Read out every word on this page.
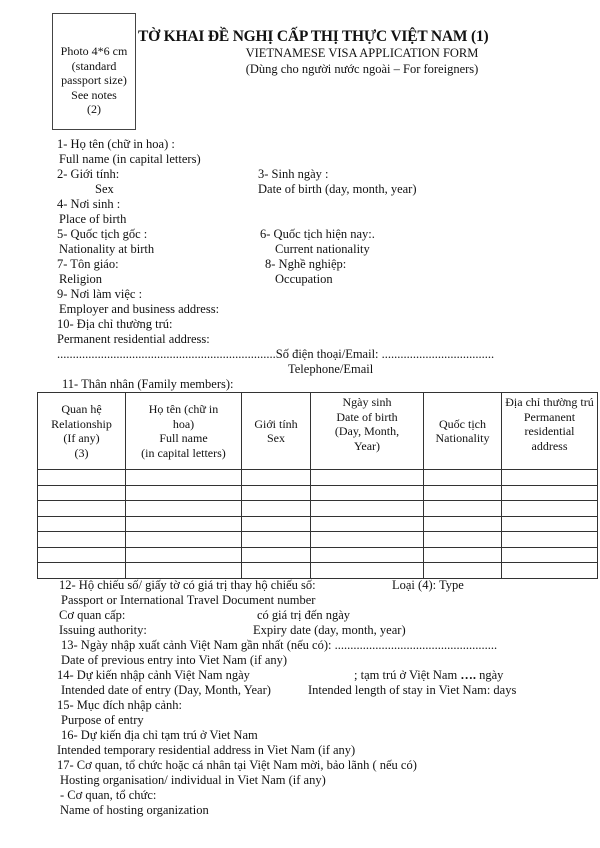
Photo 4*6 cm
(standard
passport size)
See notes
(2)
TỜ KHAI ĐỀ NGHỊ CẤP THỊ THỰC VIỆT NAM (1)
VIETNAMESE VISA APPLICATION FORM
(Dùng cho người nước ngoài – For foreigners)
1- Họ tên (chữ in hoa) :
Full name (in capital letters)
2- Giới tính:
Sex
3- Sinh ngày :
Date of birth (day, month, year)
4- Nơi sinh :
Place of birth
5- Quốc tịch gốc :
Nationality at birth
6- Quốc tịch hiện nay:.
Current nationality
7- Tôn giáo:
Religion
8- Nghề nghiệp:
Occupation
9- Nơi làm việc :
Employer and business address:
10- Địa chỉ thường trú:
Permanent residential address:
......................................................................Số điện thoại/Email: ....................................
Telephone/Email
11- Thân nhân (Family members):
Quan hệ
Relationship
(If any)
(3)

Họ tên (chữ in
hoa)
Full name
(in capital letters)

Giới tính
Sex

Ngày sinh
Date of birth
(Day, Month,
Year)

Quốc tịch
Nationality

Địa chỉ thường trú
Permanent
residential
address

12- Hộ chiếu số/ giấy tờ có giá trị thay hộ chiếu số:	Loại (4): Type
Passport or International Travel Document number
Cơ quan cấp:	có giá trị đến ngày
Issuing authority:	Expiry date (day, month, year)
13- Ngày nhập xuất cảnh Việt Nam gần nhất (nếu có): ....................................................
Date of previous entry into Viet Nam (if any)
14- Dự kiến nhập cảnh Việt Nam ngày	; tạm trú ở Việt Nam …. ngày
Intended date of entry (Day, Month, Year)	Intended length of stay in Viet Nam: days
15- Mục đích nhập cảnh:
Purpose of entry
16- Dự kiến địa chỉ tạm trú ở Viet Nam
Intended temporary residential address in Viet Nam (if any)
17- Cơ quan, tổ chức hoặc cá nhân tại Việt Nam mời, bảo lãnh ( nếu có)
Hosting organisation/ individual in Viet Nam (if any)
- Cơ quan, tổ chức:
Name of hosting organization
